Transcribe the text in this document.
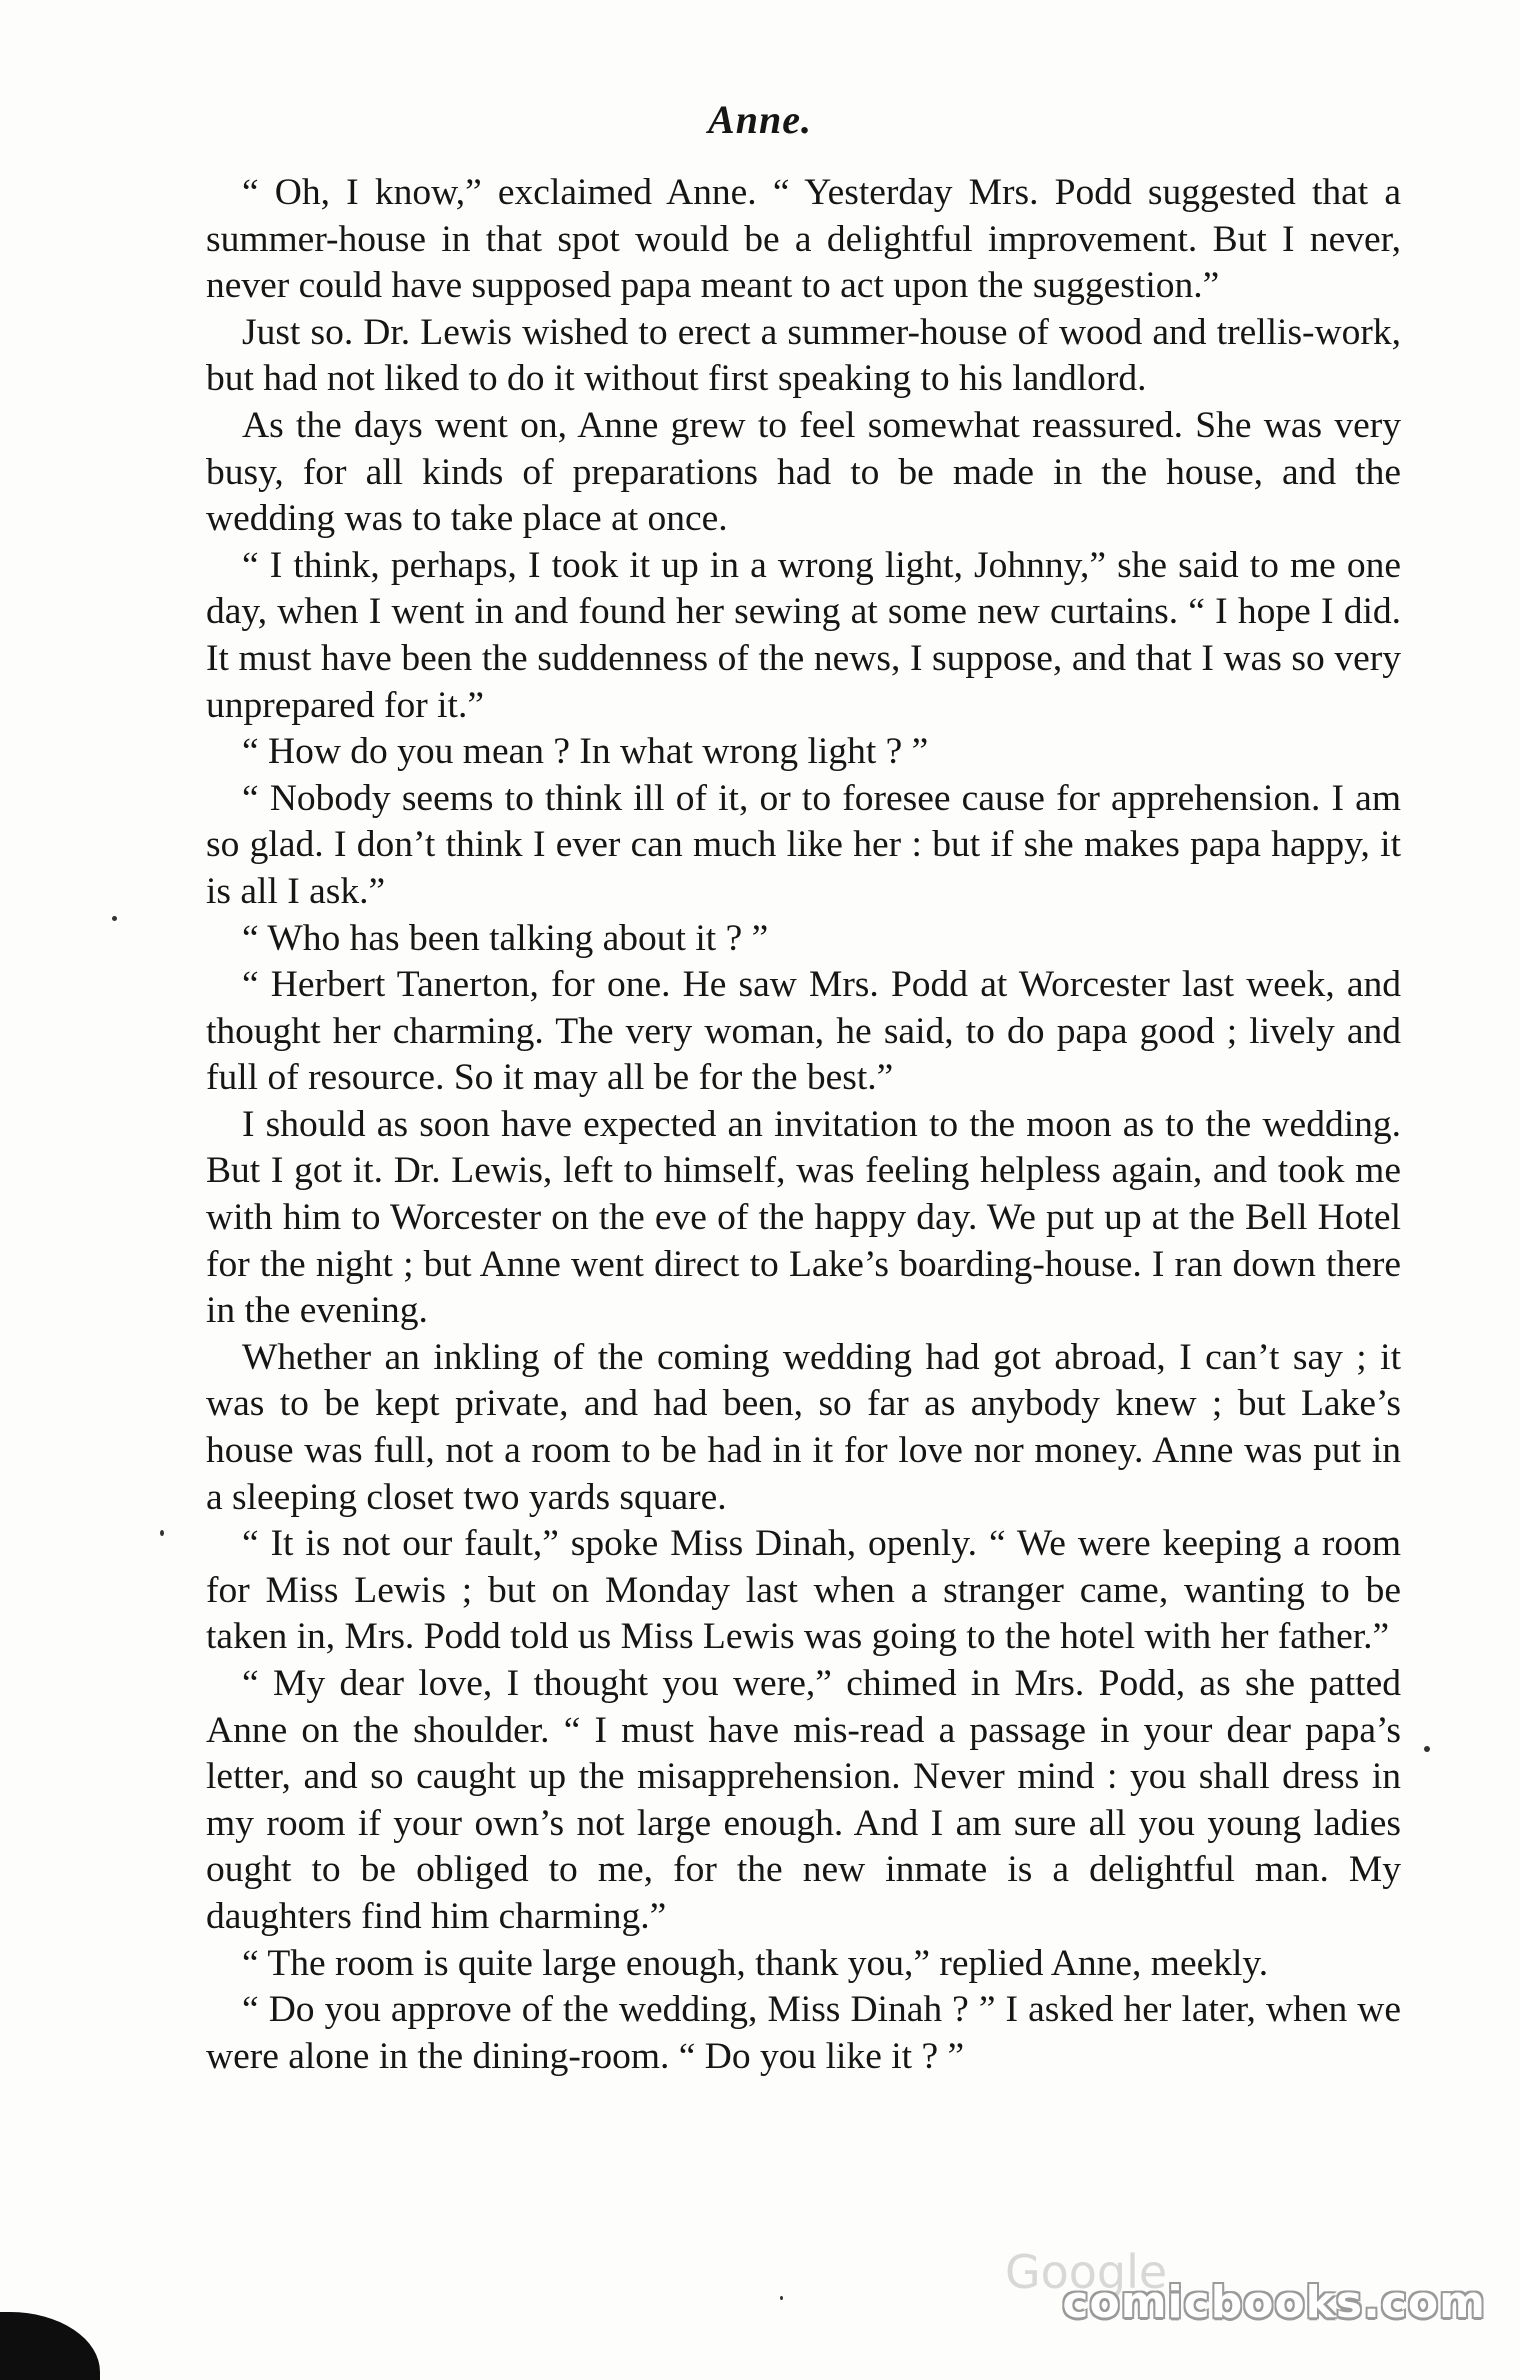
Anne.

“ Oh, I know,” exclaimed Anne. “ Yesterday Mrs. Podd suggested that a summer-house in that spot would be a delightful improvement. But I never, never could have supposed papa meant to act upon the suggestion.”

Just so. Dr. Lewis wished to erect a summer-house of wood and trellis-work, but had not liked to do it without first speaking to his landlord.

As the days went on, Anne grew to feel somewhat reassured. She was very busy, for all kinds of preparations had to be made in the house, and the wedding was to take place at once.

“ I think, perhaps, I took it up in a wrong light, Johnny,” she said to me one day, when I went in and found her sewing at some new curtains. “ I hope I did. It must have been the suddenness of the news, I suppose, and that I was so very unprepared for it.”

“ How do you mean ? In what wrong light ? ”

“ Nobody seems to think ill of it, or to foresee cause for apprehension. I am so glad. I don’t think I ever can much like her : but if she makes papa happy, it is all I ask.”

“ Who has been talking about it ? ”

“ Herbert Tanerton, for one. He saw Mrs. Podd at Worcester last week, and thought her charming. The very woman, he said, to do papa good ; lively and full of resource. So it may all be for the best.”

I should as soon have expected an invitation to the moon as to the wedding. But I got it. Dr. Lewis, left to himself, was feeling helpless again, and took me with him to Worcester on the eve of the happy day. We put up at the Bell Hotel for the night ; but Anne went direct to Lake’s boarding-house. I ran down there in the evening.

Whether an inkling of the coming wedding had got abroad, I can’t say ; it was to be kept private, and had been, so far as anybody knew ; but Lake’s house was full, not a room to be had in it for love nor money. Anne was put in a sleeping closet two yards square.

“ It is not our fault,” spoke Miss Dinah, openly. “ We were keeping a room for Miss Lewis ; but on Monday last when a stranger came, wanting to be taken in, Mrs. Podd told us Miss Lewis was going to the hotel with her father.”

“ My dear love, I thought you were,” chimed in Mrs. Podd, as she patted Anne on the shoulder. “ I must have mis-read a passage in your dear papa’s letter, and so caught up the misapprehension. Never mind : you shall dress in my room if your own’s not large enough. And I am sure all you young ladies ought to be obliged to me, for the new inmate is a delightful man. My daughters find him charming.”

“ The room is quite large enough, thank you,” replied Anne, meekly.

“ Do you approve of the wedding, Miss Dinah ? ” I asked her later, when we were alone in the dining-room. “ Do you like it ? ”

Google
comicbooks.com
